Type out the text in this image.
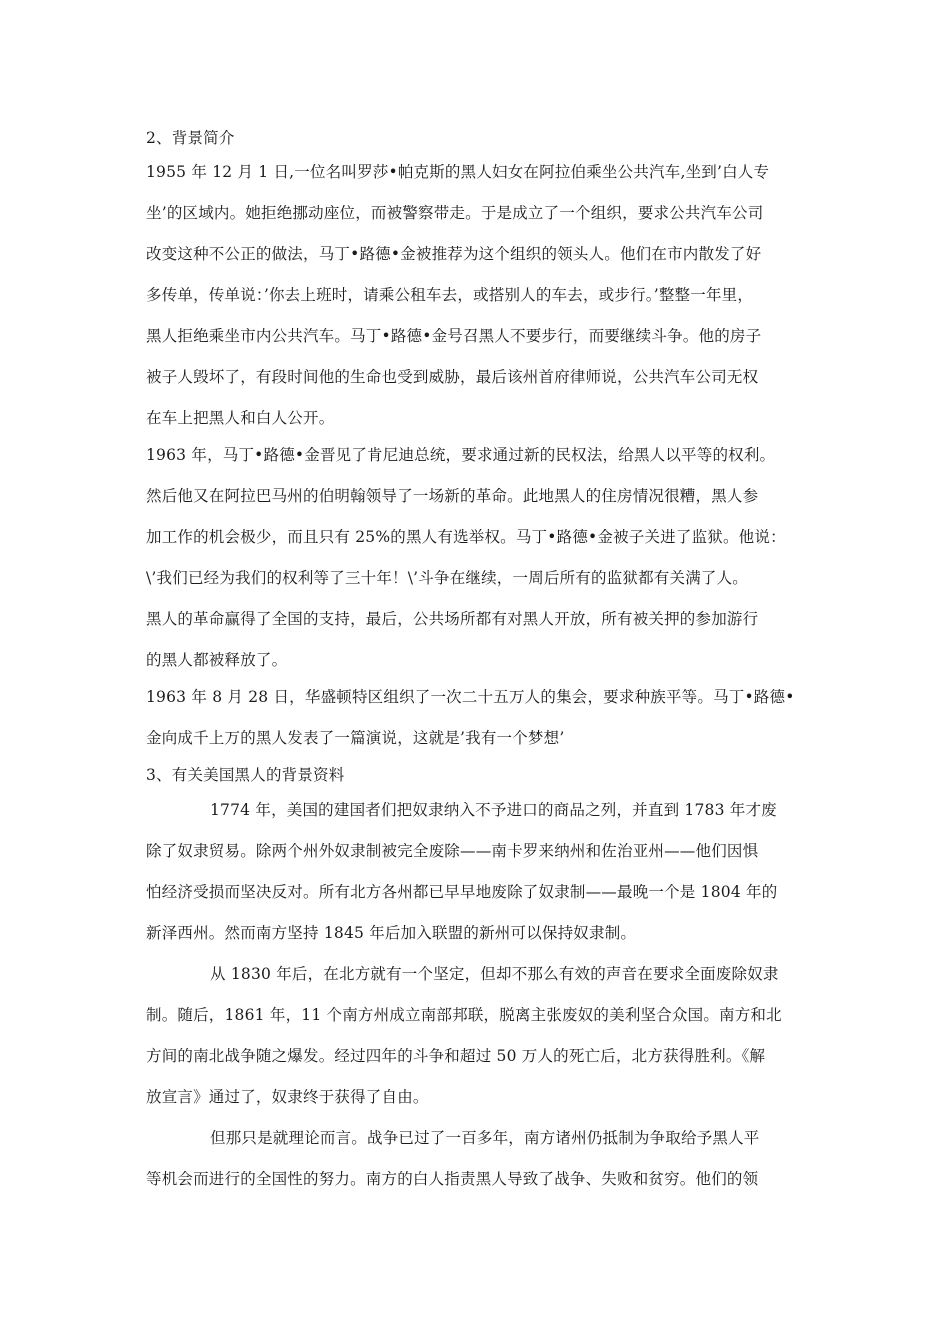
2、背景简介
1955 年 12 月 1 日,一位名叫罗莎•帕克斯的黑人妇女在阿拉伯乘坐公共汽车,坐到’白人专
坐’的区域内。她拒绝挪动座位，而被警察带走。于是成立了一个组织，要求公共汽车公司
改变这种不公正的做法，马丁•路德•金被推荐为这个组织的领头人。他们在市内散发了好
多传单，传单说：’你去上班时，请乘公租车去，或搭别人的车去，或步行。’整整一年里，
黑人拒绝乘坐市内公共汽车。马丁•路德•金号召黑人不要步行，而要继续斗争。他的房子
被子人毁坏了，有段时间他的生命也受到威胁，最后该州首府律师说，公共汽车公司无权
在车上把黑人和白人公开。
1963 年，马丁•路德•金晋见了肯尼迪总统，要求通过新的民权法，给黑人以平等的权利。
然后他又在阿拉巴马州的伯明翰领导了一场新的革命。此地黑人的住房情况很糟，黑人参
加工作的机会极少，而且只有 25%的黑人有选举权。马丁•路德•金被子关进了监狱。他说：
\’我们已经为我们的权利等了三十年！\’斗争在继续，一周后所有的监狱都有关满了人。
黑人的革命赢得了全国的支持，最后，公共场所都有对黑人开放，所有被关押的参加游行
的黑人都被释放了。
1963 年 8 月 28 日，华盛顿特区组织了一次二十五万人的集会，要求种族平等。马丁•路德•
金向成千上万的黑人发表了一篇演说，这就是’我有一个梦想’
3、有关美国黑人的背景资料
1774 年，美国的建国者们把奴隶纳入不予进口的商品之列，并直到 1783 年才废
除了奴隶贸易。除两个州外奴隶制被完全废除——南卡罗来纳州和佐治亚州——他们因惧
怕经济受损而坚决反对。所有北方各州都已早早地废除了奴隶制——最晚一个是 1804 年的
新泽西州。然而南方坚持 1845 年后加入联盟的新州可以保持奴隶制。
从 1830 年后，在北方就有一个坚定，但却不那么有效的声音在要求全面废除奴隶
制。随后，1861 年，11 个南方州成立南部邦联，脱离主张废奴的美利坚合众国。南方和北
方间的南北战争随之爆发。经过四年的斗争和超过 50 万人的死亡后，北方获得胜利。《解
放宣言》通过了，奴隶终于获得了自由。
但那只是就理论而言。战争已过了一百多年，南方诸州仍抵制为争取给予黑人平
等机会而进行的全国性的努力。南方的白人指责黑人导致了战争、失败和贫穷。他们的领
